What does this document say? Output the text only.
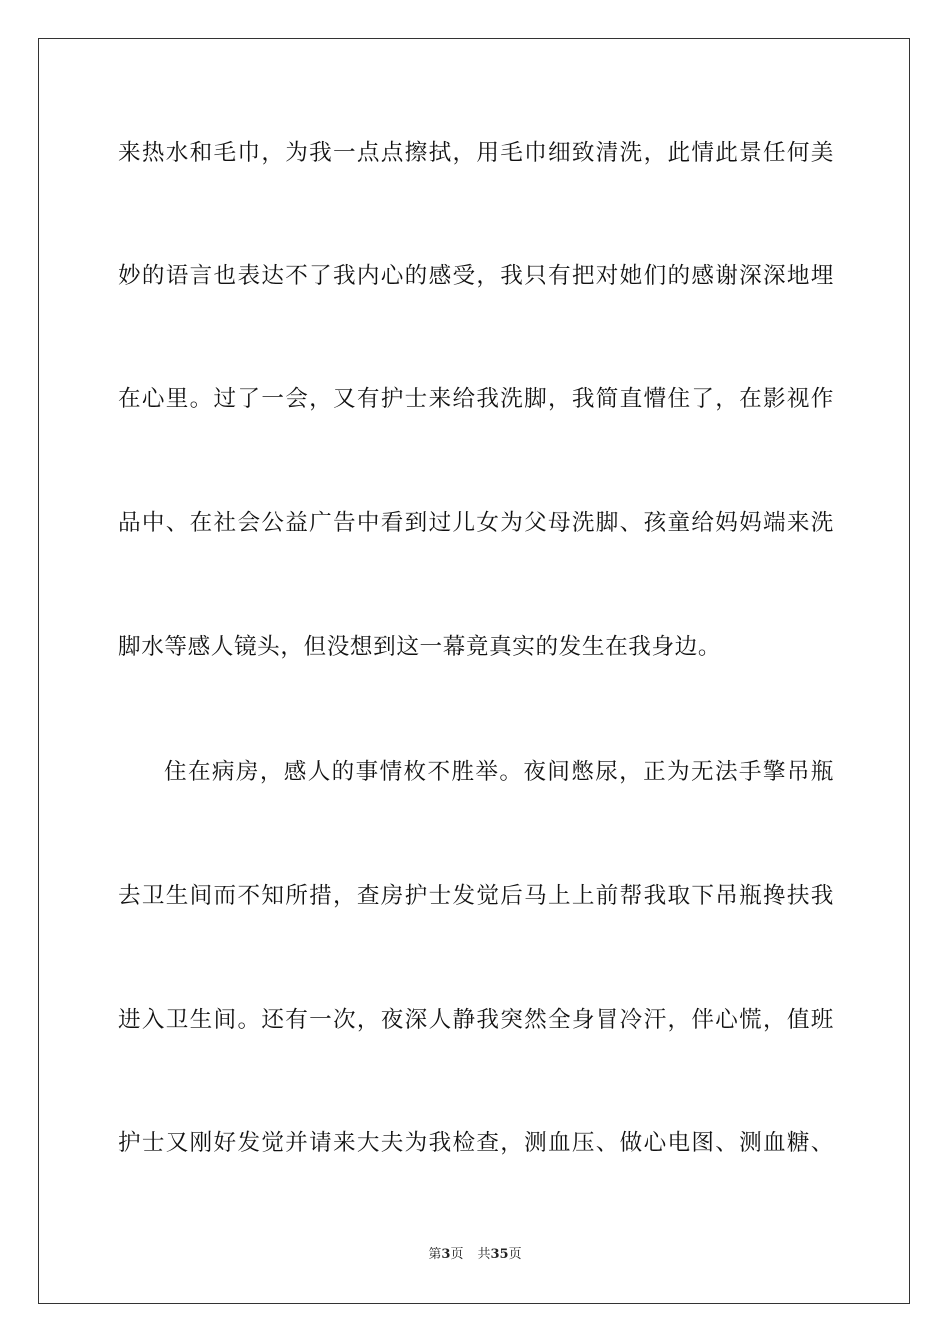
来热水和毛巾，为我一点点擦拭，用毛巾细致清洗，此情此景任何美
妙的语言也表达不了我内心的感受，我只有把对她们的感谢深深地埋
在心里。过了一会，又有护士来给我洗脚，我简直懵住了，在影视作
品中、在社会公益广告中看到过儿女为父母洗脚、孩童给妈妈端来洗
脚水等感人镜头，但没想到这一幕竟真实的发生在我身边。
住在病房，感人的事情枚不胜举。夜间憋尿，正为无法手擎吊瓶
去卫生间而不知所措，查房护士发觉后马上上前帮我取下吊瓶搀扶我
进入卫生间。还有一次，夜深人静我突然全身冒冷汗，伴心慌，值班
护士又刚好发觉并请来大夫为我检查，测血压、做心电图、测血糖、
第3页 共35页
